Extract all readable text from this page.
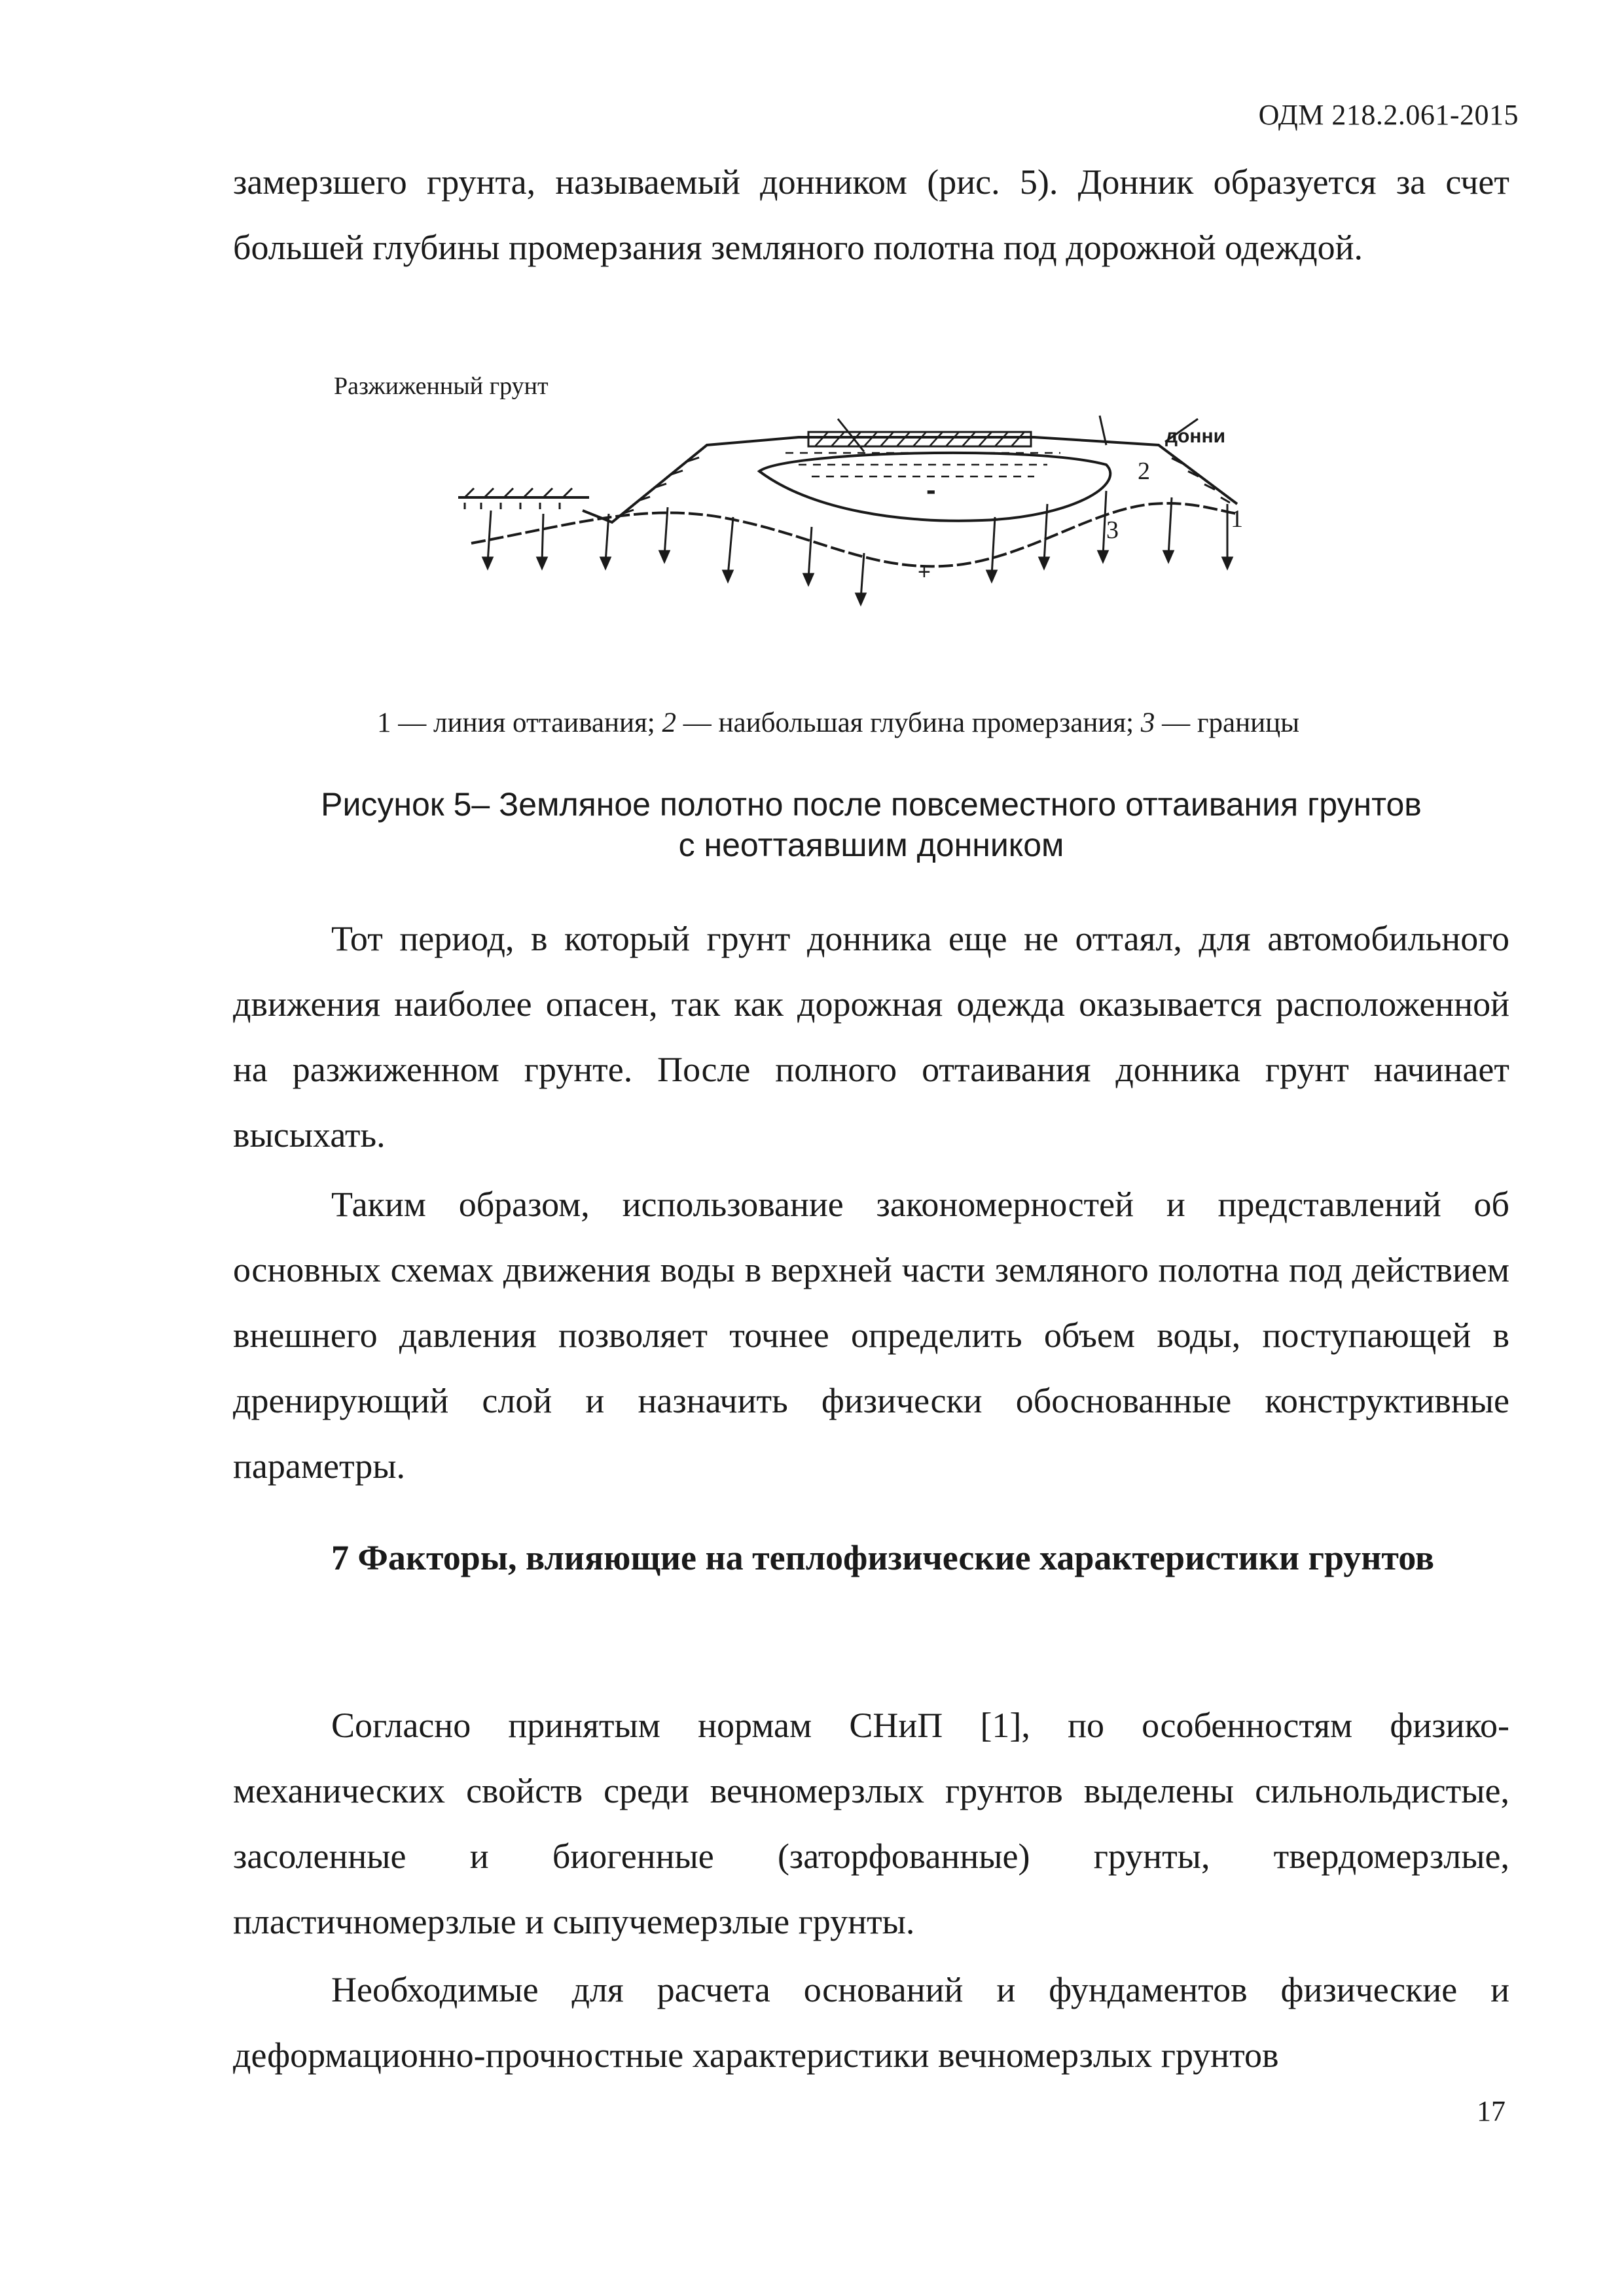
ОДМ 218.2.061-2015

замерзшего грунта, называемый донником (рис. 5). Донник образуется за счет большей глубины промерзания земляного полотна под дорожной одеждой.

Разжиженный грунт
донни
2
3	1
-
+
1 — линия оттаивания; 2 — наибольшая глубина промерзания; 3 — границы
Рисунок 5– Земляное полотно после повсеместного оттаивания грунтов
с неоттаявшим донником

Тот период, в который грунт донника еще не оттаял, для автомобильного движения наиболее опасен, так как дорожная одежда оказывается расположенной на разжиженном грунте. После полного оттаивания донника грунт начинает высыхать.

Таким образом, использование закономерностей и представлений об основных схемах движения воды в верхней части земляного полотна под действием внешнего давления позволяет точнее определить объем воды, поступающей в дренирующий слой и назначить физически обоснованные конструктивные параметры.

7 Факторы, влияющие на теплофизические характеристики грунтов

Согласно принятым нормам СНиП [1], по особенностям физико-механических свойств среди вечномерзлых грунтов выделены сильнольдистые, засоленные и биогенные (заторфованные) грунты, твердомерзлые, пластичномерзлые и сыпучемерзлые грунты.

Необходимые для расчета оснований и фундаментов физические и деформационно-прочностные характеристики вечномерзлых грунтов

17
